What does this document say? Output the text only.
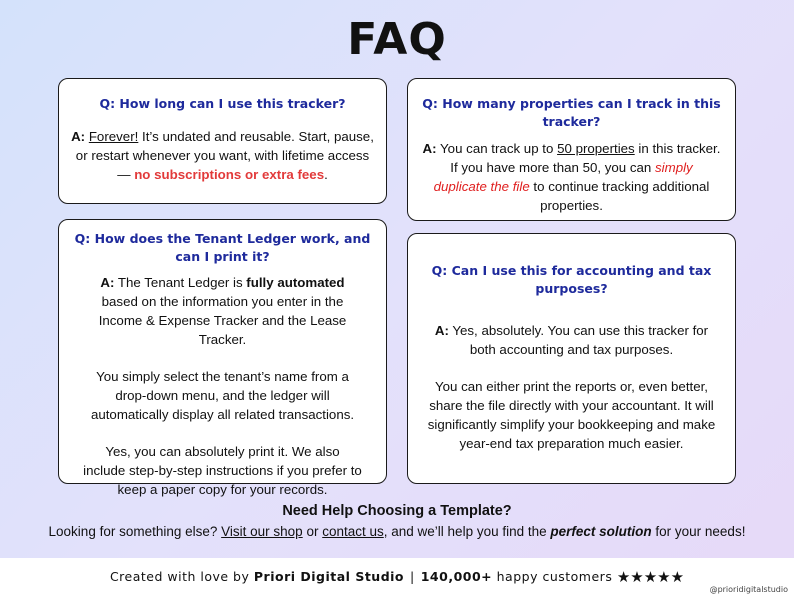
FAQ
Q: How long can I use this tracker?

A: Forever! It’s undated and reusable. Start, pause, or restart whenever you want, with lifetime access — no subscriptions or extra fees.

Q: How many properties can I track in this tracker?

A: You can track up to 50 properties in this tracker. If you have more than 50, you can simply duplicate the file to continue tracking additional properties.

Q: How does the Tenant Ledger work, and can I print it?

A: The Tenant Ledger is fully automated based on the information you enter in the Income & Expense Tracker and the Lease Tracker.

You simply select the tenant’s name from a drop-down menu, and the ledger will automatically display all related transactions.

Yes, you can absolutely print it. We also include step-by-step instructions if you prefer to keep a paper copy for your records.

Q: Can I use this for accounting and tax purposes?

A: Yes, absolutely. You can use this tracker for both accounting and tax purposes.

You can either print the reports or, even better, share the file directly with your accountant. It will significantly simplify your bookkeeping and make year-end tax preparation much easier.

Need Help Choosing a Template?
Looking for something else? Visit our shop or contact us, and we’ll help you find the perfect solution for your needs!
Created with love by Priori Digital Studio | 140,000+ happy customers ★★★★★
@prioridigitalstudio
